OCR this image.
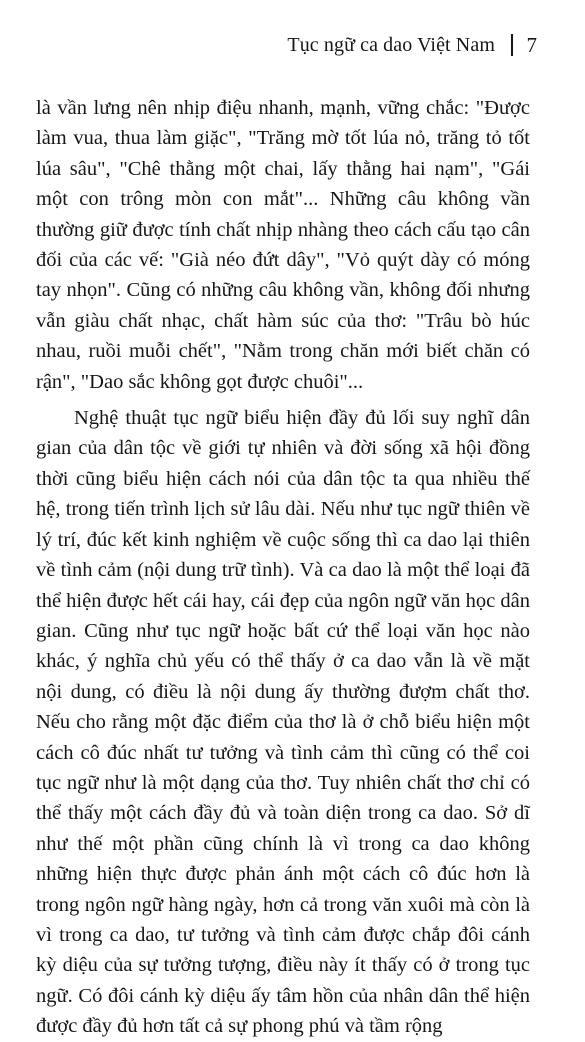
Tục ngữ ca dao Việt Nam 7

là vần lưng nên nhịp điệu nhanh, mạnh, vững chắc: "Được làm vua, thua làm giặc", "Trăng mờ tốt lúa nỏ, trăng tỏ tốt lúa sâu", "Chê thằng một chai, lấy thằng hai nạm", "Gái một con trông mòn con mắt"... Những câu không vần thường giữ được tính chất nhịp nhàng theo cách cấu tạo cân đối của các vế: "Già néo đứt dây", "Vỏ quýt dày có móng tay nhọn". Cũng có những câu không vần, không đối nhưng vẫn giàu chất nhạc, chất hàm súc của thơ: "Trâu bò húc nhau, ruồi muỗi chết", "Nằm trong chăn mới biết chăn có rận", "Dao sắc không gọt được chuôi"...

Nghệ thuật tục ngữ biểu hiện đầy đủ lối suy nghĩ dân gian của dân tộc về giới tự nhiên và đời sống xã hội đồng thời cũng biểu hiện cách nói của dân tộc ta qua nhiều thế hệ, trong tiến trình lịch sử lâu dài. Nếu như tục ngữ thiên về lý trí, đúc kết kinh nghiệm về cuộc sống thì ca dao lại thiên về tình cảm (nội dung trữ tình). Và ca dao là một thể loại đã thể hiện được hết cái hay, cái đẹp của ngôn ngữ văn học dân gian. Cũng như tục ngữ hoặc bất cứ thể loại văn học nào khác, ý nghĩa chủ yếu có thể thấy ở ca dao vẫn là về mặt nội dung, có điều là nội dung ấy thường đượm chất thơ. Nếu cho rằng một đặc điểm của thơ là ở chỗ biểu hiện một cách cô đúc nhất tư tưởng và tình cảm thì cũng có thể coi tục ngữ như là một dạng của thơ. Tuy nhiên chất thơ chỉ có thể thấy một cách đầy đủ và toàn diện trong ca dao. Sở dĩ như thế một phần cũng chính là vì trong ca dao không những hiện thực được phản ánh một cách cô đúc hơn là trong ngôn ngữ hàng ngày, hơn cả trong văn xuôi mà còn là vì trong ca dao, tư tưởng và tình cảm được chắp đôi cánh kỳ diệu của sự tưởng tượng, điều này ít thấy có ở trong tục ngữ. Có đôi cánh kỳ diệu ấy tâm hồn của nhân dân thể hiện được đầy đủ hơn tất cả sự phong phú và tầm rộng
